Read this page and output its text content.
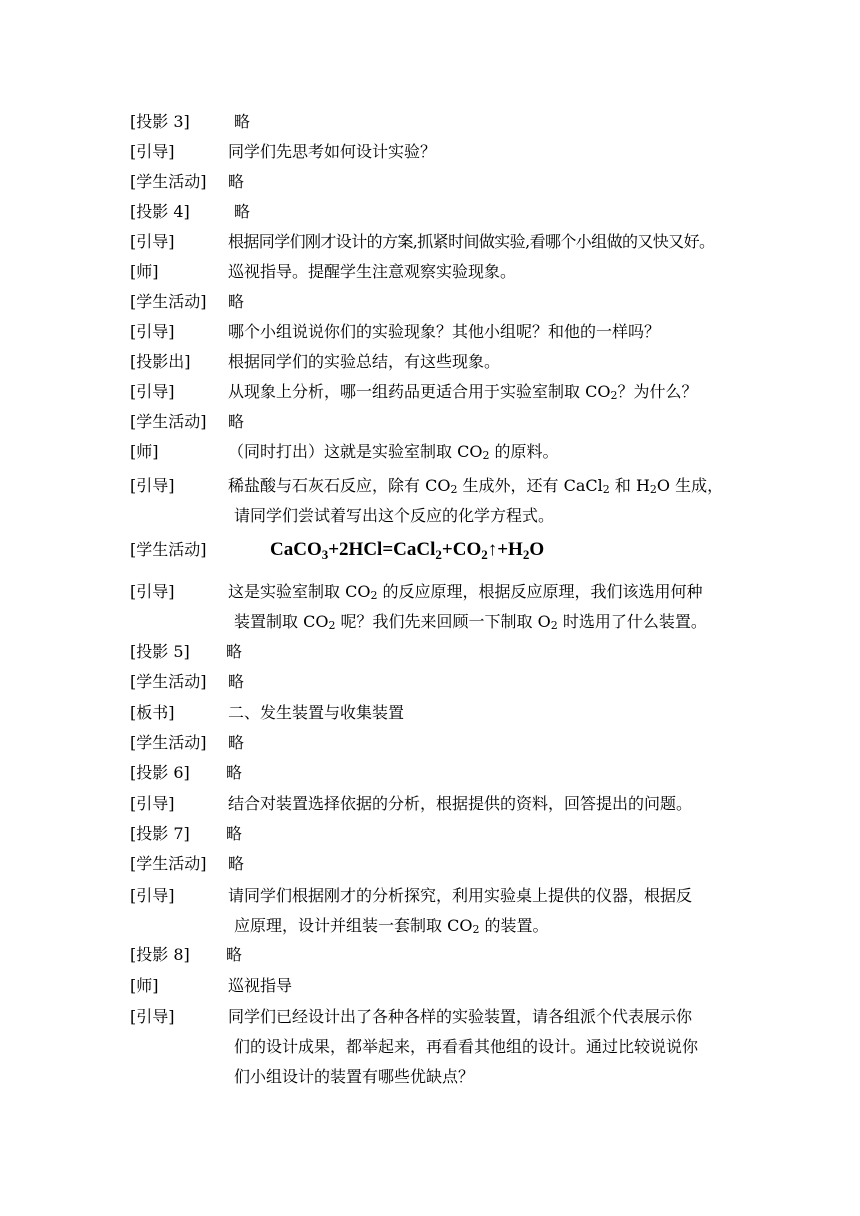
[投影 3]	略
[引导]	同学们先思考如何设计实验？
[学生活动] 略
[投影 4]	略
[引导]	根据同学们刚才设计的方案,抓紧时间做实验,看哪个小组做的又快又好。
[师]	巡视指导。提醒学生注意观察实验现象。
[学生活动] 略
[引导]	哪个小组说说你们的实验现象？其他小组呢？和他的一样吗？
[投影出] 根据同学们的实验总结，有这些现象。
[引导]	从现象上分析，哪一组药品更适合用于实验室制取 $CO_2$？为什么？
[学生活动] 略
[师]	（同时打出）这就是实验室制取 $CO_2$ 的原料。
[引导]	稀盐酸与石灰石反应，除有 $CO_2$ 生成外，还有 CaCl$_2$ 和 $H_2O$ 生成，
请同学们尝试着写出这个反应的化学方程式。
[学生活动]	$CaCO_3+2HCl=CaCl_2+CO_2↑+H_2O$
[引导]	这是实验室制取 $CO_2$ 的反应原理，根据反应原理，我们该选用何种
装置制取 $CO_2$ 呢？我们先来回顾一下制取 $O_2$ 时选用了什么装置。
[投影 5] 略
[学生活动] 略
[板书]	二、发生装置与收集装置
[学生活动] 略
[投影 6] 略
[引导]	结合对装置选择依据的分析，根据提供的资料，回答提出的问题。
[投影 7] 略
[学生活动] 略
[引导]	请同学们根据刚才的分析探究，利用实验桌上提供的仪器，根据反
应原理，设计并组装一套制取 $CO_2$ 的装置。
[投影 8] 略
[师]	巡视指导
[引导]	同学们已经设计出了各种各样的实验装置，请各组派个代表展示你
们的设计成果，都举起来，再看看其他组的设计。通过比较说说你
们小组设计的装置有哪些优缺点？
